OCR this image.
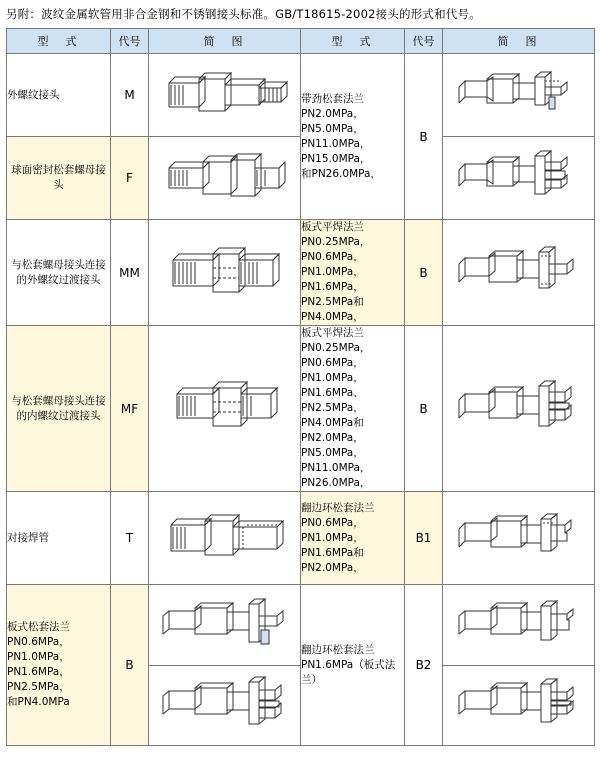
另附：波纹金属软管用非合金钢和不锈钢接头标准。GB/T18615-2002接头的形式和代号。
型　式	代号	简　图	型　式	代号	简　图
外螺纹接头	M		带劲松套法兰
PN2.0MPa，PN5.0MPa，
PN11.0MPa，PN15.0MPa，
和PN26.0MPa，	B	

球面密封松套螺母接头	F	

与松套螺母接头连接的外螺纹过渡接头	MM		板式平焊法兰
PN0.25MPa，PN0.6MPa，
PN1.0MPa，PN1.6MPa，
PN2.5MPa和PN4.0MPa，	B	

与松套螺母接头连接的内螺纹过渡接头	MF	
	板式平焊法兰
PN0.25MPa，PN0.6MPa，
PN1.0MPa，PN1.6MPa、
PN2.5MPa，PN4.0MPa和
PN2.0MPa，PN5.0MPa，
PN11.0MPa，PN26.0MPa，	B	

对接焊管	T		翻边环松套法兰
PN0.6MPa，PN1.0MPa，
PN1.6MPa和PN2.0MPa，	B1	

板式松套法兰
PN0.6MPa，PN1.0MPa，
PN1.6MPa，PN2.5MPa，
和PN4.0MPa	B		翻边环松套法兰
PN1.6MPa（板式法兰）	B2	
